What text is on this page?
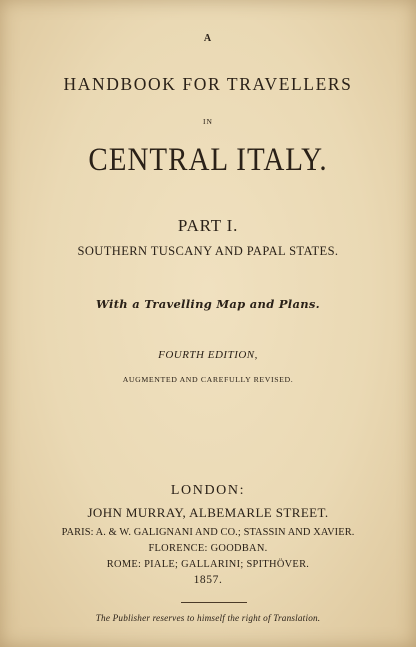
A
HANDBOOK FOR TRAVELLERS
IN
CENTRAL ITALY.
PART I.
SOUTHERN TUSCANY AND PAPAL STATES.
With a Travelling Map and Plans.
FOURTH EDITION,
AUGMENTED AND CAREFULLY REVISED.
LONDON:
JOHN MURRAY, ALBEMARLE STREET.
PARIS: A. & W. GALIGNANI AND CO.; STASSIN AND XAVIER.
FLORENCE: GOODBAN.
ROME: PIALE; GALLARINI; SPITHÖVER.
1857.
The Publisher reserves to himself the right of Translation.
